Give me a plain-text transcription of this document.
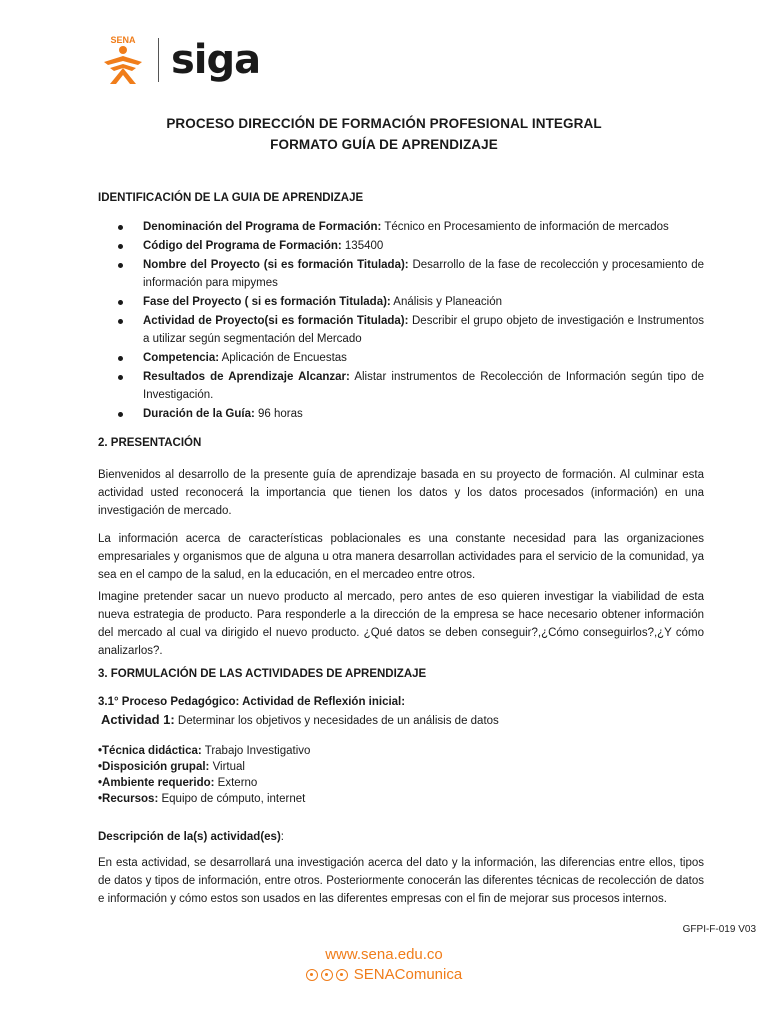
SENA siga
PROCESO DIRECCIÓN DE FORMACIÓN PROFESIONAL INTEGRAL
FORMATO GUÍA DE APRENDIZAJE
IDENTIFICACIÓN DE LA GUIA DE APRENDIZAJE
Denominación del Programa de Formación: Técnico en Procesamiento de información de mercados
Código del Programa de Formación: 135400
Nombre del Proyecto (si es formación Titulada): Desarrollo de la fase de recolección y procesamiento de información para mipymes
Fase del Proyecto ( si es formación Titulada): Análisis y Planeación
Actividad de Proyecto(si es formación Titulada): Describir el grupo objeto de investigación e Instrumentos a utilizar según segmentación del Mercado
Competencia: Aplicación de Encuestas
Resultados de Aprendizaje Alcanzar: Alistar instrumentos de Recolección de Información según tipo de Investigación.
Duración de la Guía: 96 horas
2. PRESENTACIÓN

Bienvenidos al desarrollo de la presente guía de aprendizaje basada en su proyecto de formación. Al culminar esta actividad usted reconocerá la importancia que tienen los datos y los datos procesados (información) en una investigación de mercado.

La información acerca de características poblacionales es una constante necesidad para las organizaciones empresariales y organismos que de alguna u otra manera desarrollan actividades para el servicio de la comunidad, ya sea en el campo de la salud, en la educación, en el mercadeo entre otros.

Imagine pretender sacar un nuevo producto al mercado, pero antes de eso quieren investigar la viabilidad de esta nueva estrategia de producto. Para responderle a la dirección de la empresa se hace necesario obtener información del mercado al cual va dirigido el nuevo producto. ¿Qué datos se deben conseguir?,¿Cómo conseguirlos?,¿Y cómo analizarlos?.

3. FORMULACIÓN DE LAS ACTIVIDADES DE APRENDIZAJE
3.1° Proceso Pedagógico: Actividad de Reflexión inicial:
Actividad 1: Determinar los objetivos y necesidades de un análisis de datos
•Técnica didáctica: Trabajo Investigativo
•Disposición grupal: Virtual
•Ambiente requerido: Externo
•Recursos: Equipo de cómputo, internet
Descripción de la(s) actividad(es):

En esta actividad, se desarrollará una investigación acerca del dato y la información, las diferencias entre ellos, tipos de datos y tipos de información, entre otros. Posteriormente conocerán las diferentes técnicas de recolección de datos e información y cómo estos son usados en las diferentes empresas con el fin de mejorar sus procesos internos.

GFPI-F-019 V03
www.sena.edu.co
SENAComunica
